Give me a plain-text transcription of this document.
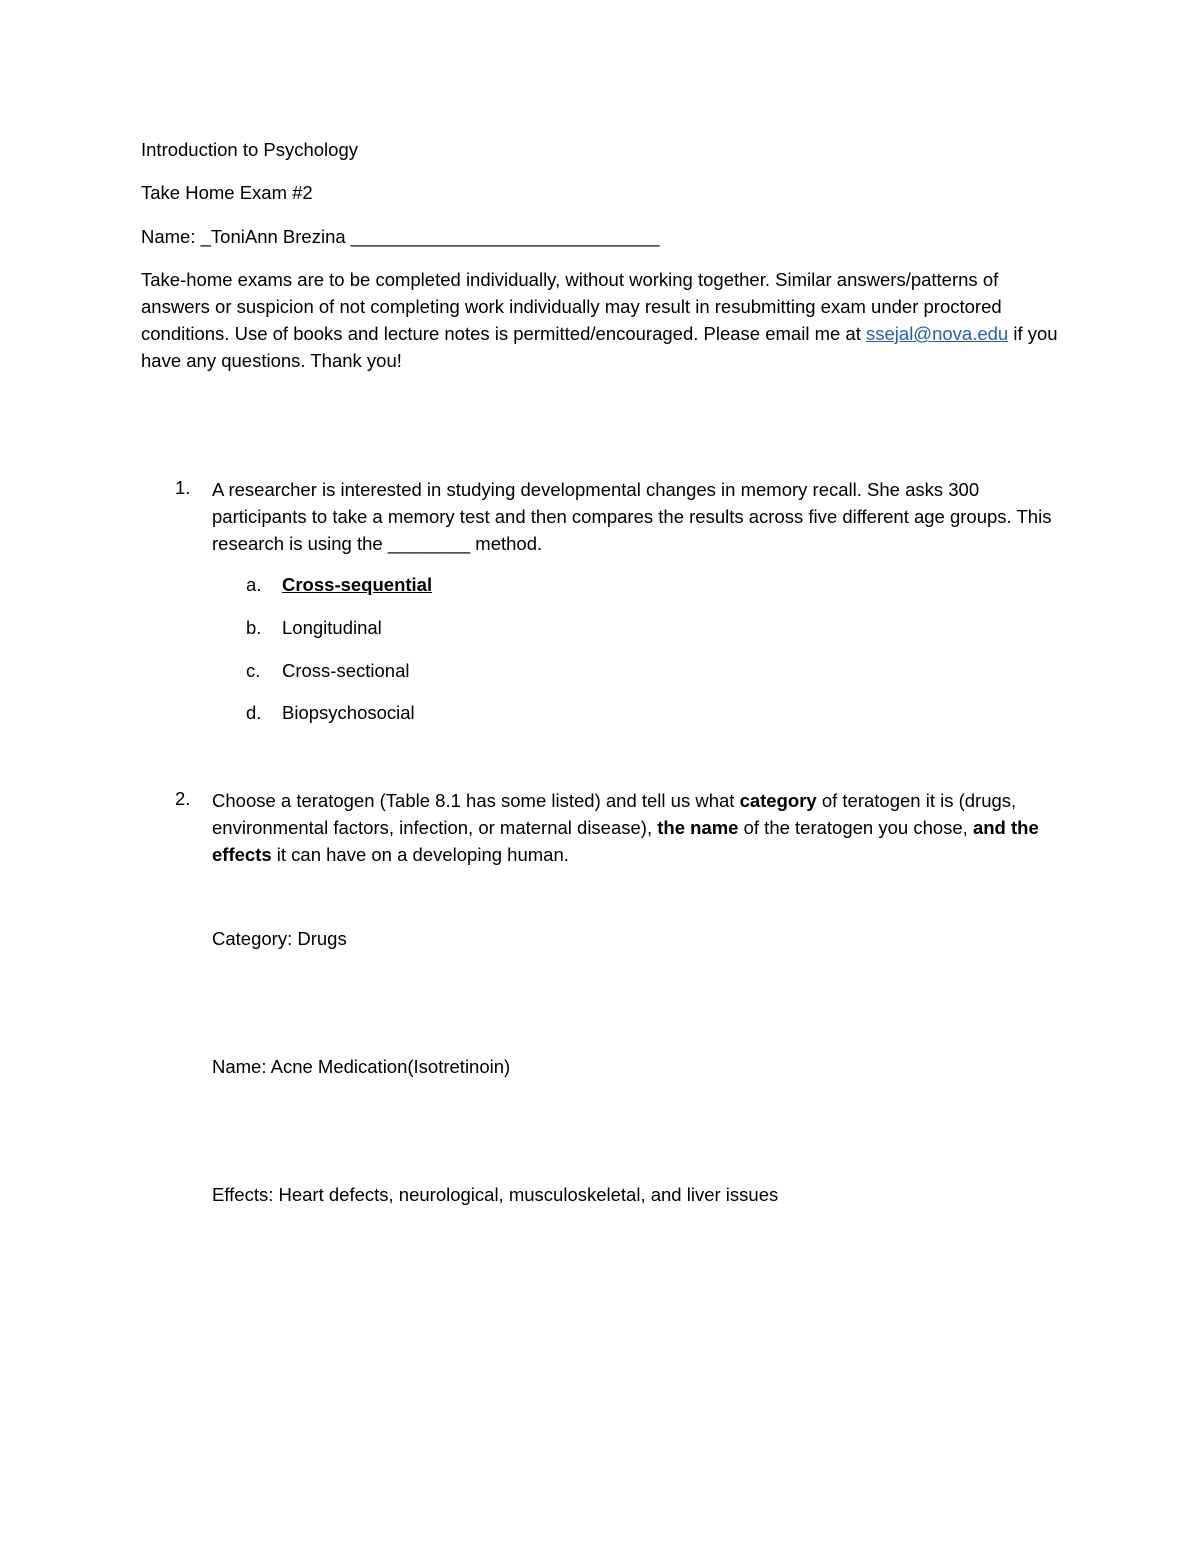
Introduction to Psychology
Take Home Exam #2
Name: _ToniAnn Brezina ______________________________
Take-home exams are to be completed individually, without working together. Similar answers/patterns of answers or suspicion of not completing work individually may result in resubmitting exam under proctored conditions. Use of books and lecture notes is permitted/encouraged. Please email me at ssejal@nova.edu if you have any questions. Thank you!
1. A researcher is interested in studying developmental changes in memory recall. She asks 300 participants to take a memory test and then compares the results across five different age groups. This research is using the ________ method.
a. Cross-sequential
b. Longitudinal
c. Cross-sectional
d. Biopsychosocial
2. Choose a teratogen (Table 8.1 has some listed) and tell us what category of teratogen it is (drugs, environmental factors, infection, or maternal disease), the name of the teratogen you chose, and the effects it can have on a developing human.
Category: Drugs
Name: Acne Medication(Isotretinoin)
Effects: Heart defects, neurological, musculoskeletal, and liver issues
